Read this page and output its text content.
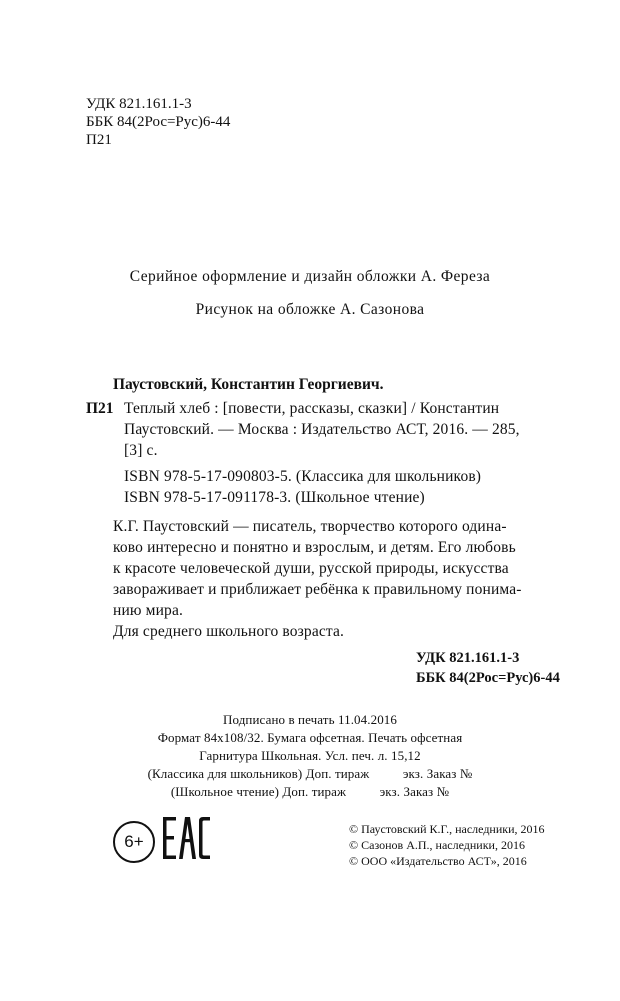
УДК 821.161.1-3
ББК 84(2Рос=Рус)6-44
П21
Серийное оформление и дизайн обложки А. Фереза
Рисунок на обложке А. Сазонова
Паустовский, Константин Георгиевич.
П21 Теплый хлеб : [повести, рассказы, сказки] / Константин
Паустовский. — Москва : Издательство АСТ, 2016. — 285,
[3] с.
ISBN 978-5-17-090803-5. (Классика для школьников)
ISBN 978-5-17-091178-3. (Школьное чтение)
К.Г. Паустовский — писатель, творчество которого одина-
ково интересно и понятно и взрослым, и детям. Его любовь
к красоте человеческой души, русской природы, искусства
завораживает и приближает ребёнка к правильному понима-
нию мира.
Для среднего школьного возраста.
УДК 821.161.1-3
ББК 84(2Рос=Рус)6-44
Подписано в печать 11.04.2016
Формат 84x108/32. Бумага офсетная. Печать офсетная
Гарнитура Школьная. Усл. печ. л. 15,12
(Классика для школьников) Доп. тираж          экз. Заказ №
(Школьное чтение) Доп. тираж          экз. Заказ №
6+
© Паустовский К.Г., наследники, 2016
© Сазонов А.П., наследники, 2016
© ООО «Издательство АСТ», 2016
